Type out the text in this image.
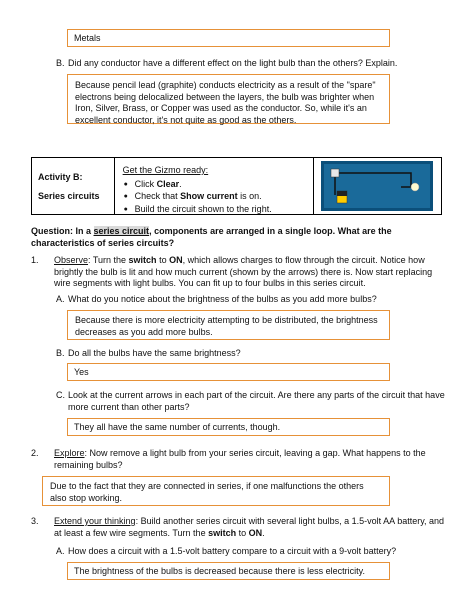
Metals
B. Did any conductor have a different effect on the light bulb than the others? Explain.
Because pencil lead (graphite) conducts electricity as a result of the "spare" electrons being delocalized between the layers, the bulb was brighter when Iron, Silver, Brass, or Copper was used as the conductor. So, while it's an excellent conductor, it's not quite as good as the others.
Activity B:
Series circuits
Get the Gizmo ready:
● Click Clear.
● Check that Show current is on.
● Build the circuit shown to the right.
Question: In a series circuit, components are arranged in a single loop. What are the characteristics of series circuits?
1. Observe: Turn the switch to ON, which allows charges to flow through the circuit. Notice how brightly the bulb is lit and how much current (shown by the arrows) there is. Now start replacing wire segments with light bulbs. You can fit up to four bulbs in this series circuit.
A. What do you notice about the brightness of the bulbs as you add more bulbs?
Because there is more electricity attempting to be distributed, the brightness decreases as you add more bulbs.
B. Do all the bulbs have the same brightness?
Yes
C. Look at the current arrows in each part of the circuit. Are there any parts of the circuit that have more current than other parts?
They all have the same number of currents, though.
2. Explore: Now remove a light bulb from your series circuit, leaving a gap. What happens to the remaining bulbs?
Due to the fact that they are connected in series, if one malfunctions the others also stop working.
3. Extend your thinking: Build another series circuit with several light bulbs, a 1.5-volt AA battery, and at least a few wire segments. Turn the switch to ON.
A. How does a circuit with a 1.5-volt battery compare to a circuit with a 9-volt battery?
The brightness of the bulbs is decreased because there is less electricity.
